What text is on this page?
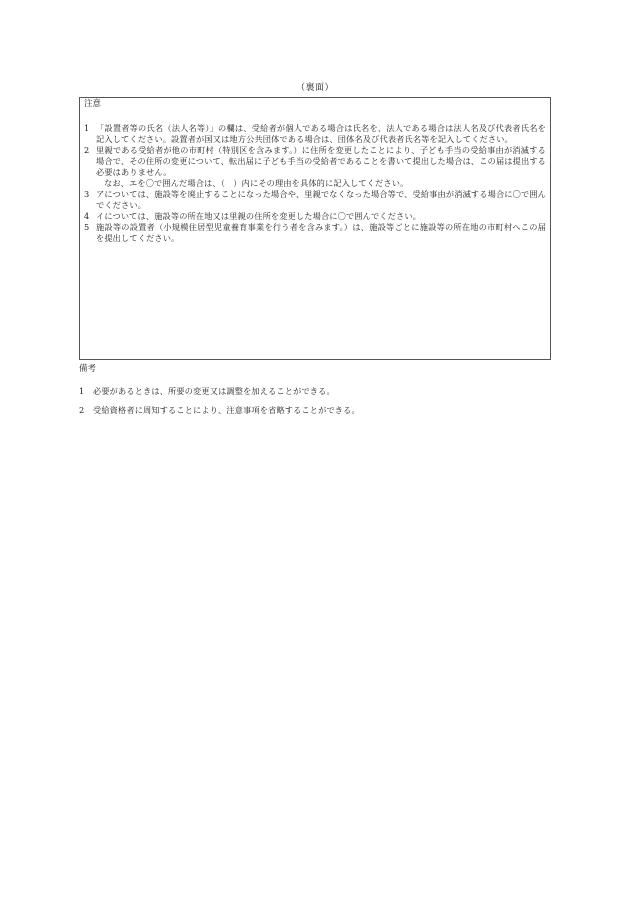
（裏面）
注意
1 「設置者等の氏名（法人名等）」の欄は、受給者が個人である場合は氏名を、法人である場合は法人名及び代表者氏名を記入してください。設置者が国又は地方公共団体である場合は、団体名及び代表者氏名等を記入してください。
2 里親である受給者が他の市町村（特別区を含みます。）に住所を変更したことにより、子ども手当の受給事由が消滅する場合で、その住所の変更について、転出届に子ども手当の受給者であることを書いて提出した場合は、この届は提出する必要はありません。
なお、エを〇で囲んだ場合は、（　）内にその理由を具体的に記入してください。
3 アについては、施設等を廃止することになった場合や、里親でなくなった場合等で、受給事由が消滅する場合に〇で囲んでください。
4 イについては、施設等の所在地又は里親の住所を変更した場合に〇で囲んでください。
5 施設等の設置者（小規模住居型児童養育事業を行う者を含みます。）は、施設等ごとに施設等の所在地の市町村へこの届を提出してください。
備考
1	必要があるときは、所要の変更又は調整を加えることができる。
2	受給資格者に周知することにより、注意事項を省略することができる。
